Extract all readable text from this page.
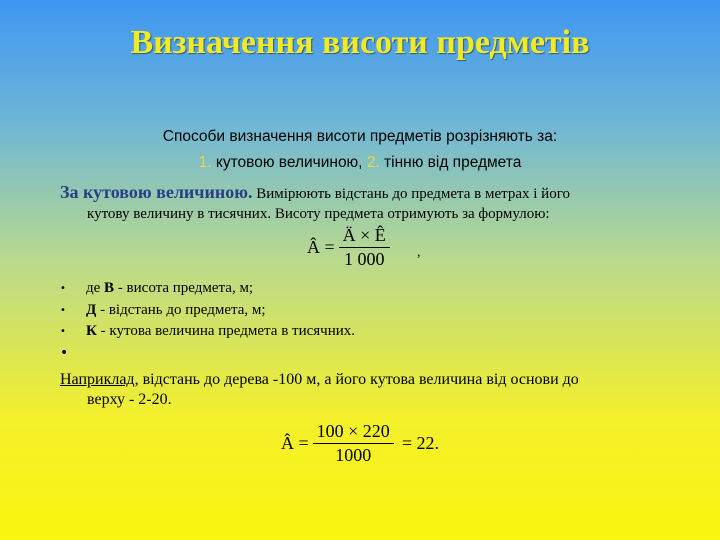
Визначення висоти предметів
Способи визначення висоти предметів розрізняють за:
1. кутовою величиною, 2. тінню від предмета
За кутовою величиною. Вимірюють відстань до предмета в метрах і його
кутову величину в тисячних. Висоту предмета отримують за формулою:
Â = $\frac{Ä \times Ê}{1 000}$ ,
•	де В - висота предмета, м;
•	Д - відстань до предмета, м;
•	К - кутова величина предмета в тисячних.
•
Наприклад, відстань до дерева -100 м, а його кутова величина від основи до
верху - 2-20.
Â = $\frac{100 \times 220}{1000} = 22$.
